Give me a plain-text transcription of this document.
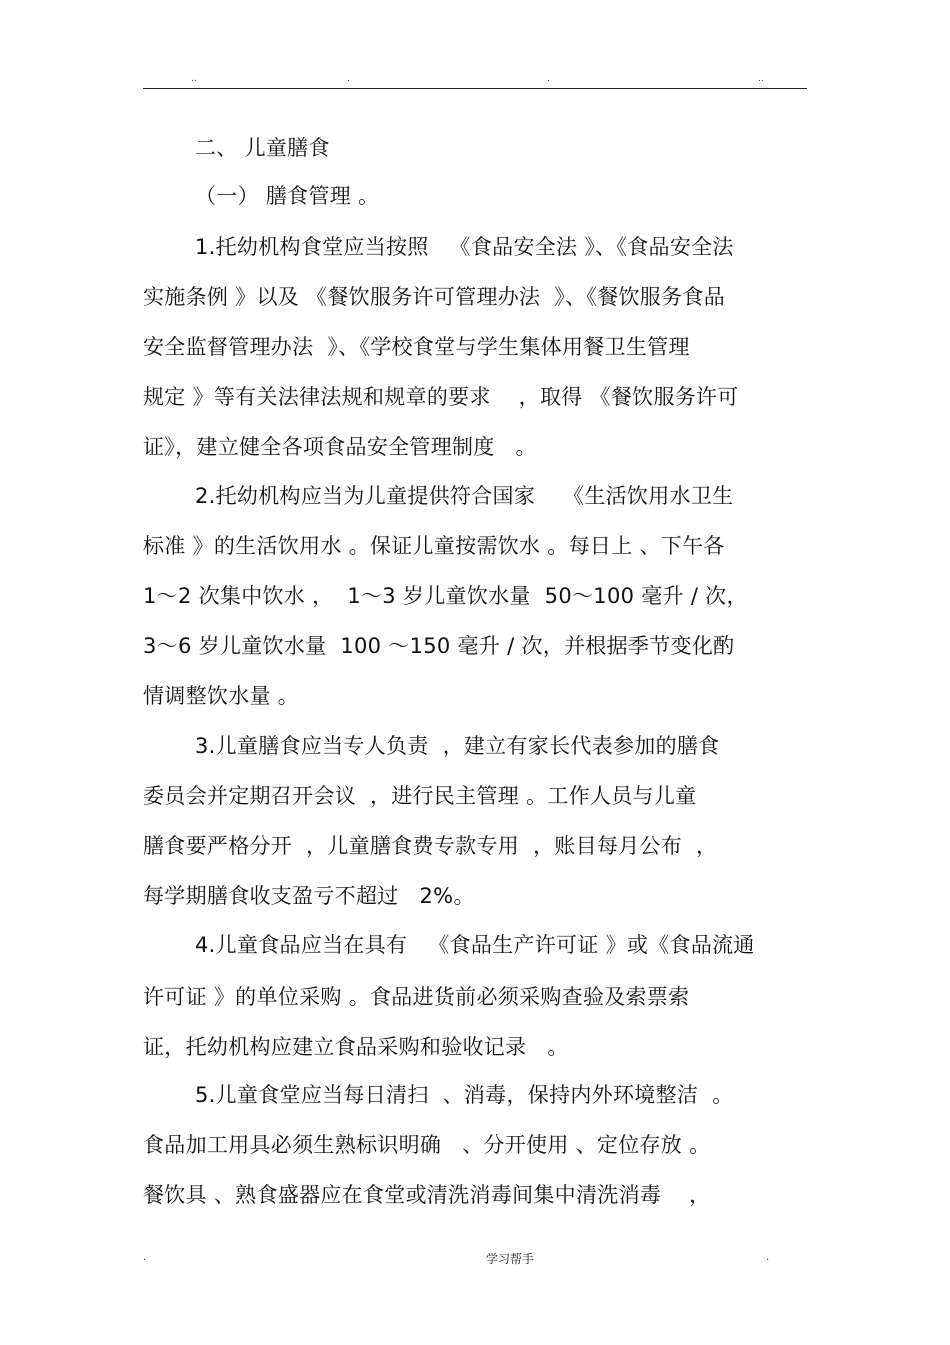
..	.	.	..
二、 儿童膳食
（一） 膳食管理 。
1.托幼机构食堂应当按照   《食品安全法 》、《食品安全法
实施条例 》以及 《餐饮服务许可管理办法  》、《餐饮服务食品
安全监督管理办法  》、《学校食堂与学生集体用餐卫生管理
规定 》等有关法律法规和规章的要求    ，取得 《餐饮服务许可
证》，建立健全各项食品安全管理制度   。
2.托幼机构应当为儿童提供符合国家    《生活饮用水卫生
标准 》的生活饮用水 。保证儿童按需饮水 。每日上 、下午各
1～2 次集中饮水 ，  1～3 岁儿童饮水量  50～100 毫升 / 次，
3～6 岁儿童饮水量  100 ～150 毫升 / 次，并根据季节变化酌
情调整饮水量 。
3.儿童膳食应当专人负责  ，建立有家长代表参加的膳食
委员会并定期召开会议  ，进行民主管理 。工作人员与儿童
膳食要严格分开  ，儿童膳食费专款专用  ，账目每月公布  ，
每学期膳食收支盈亏不超过   2%。
4.儿童食品应当在具有   《食品生产许可证 》或《食品流通
许可证 》的单位采购 。食品进货前必须采购查验及索票索
证，托幼机构应建立食品采购和验收记录   。
5.儿童食堂应当每日清扫  、消毒，保持内外环境整洁  。
食品加工用具必须生熟标识明确   、分开使用 、定位存放 。
餐饮具 、熟食盛器应在食堂或清洗消毒间集中清洗消毒    ，
.	学习帮手	.
